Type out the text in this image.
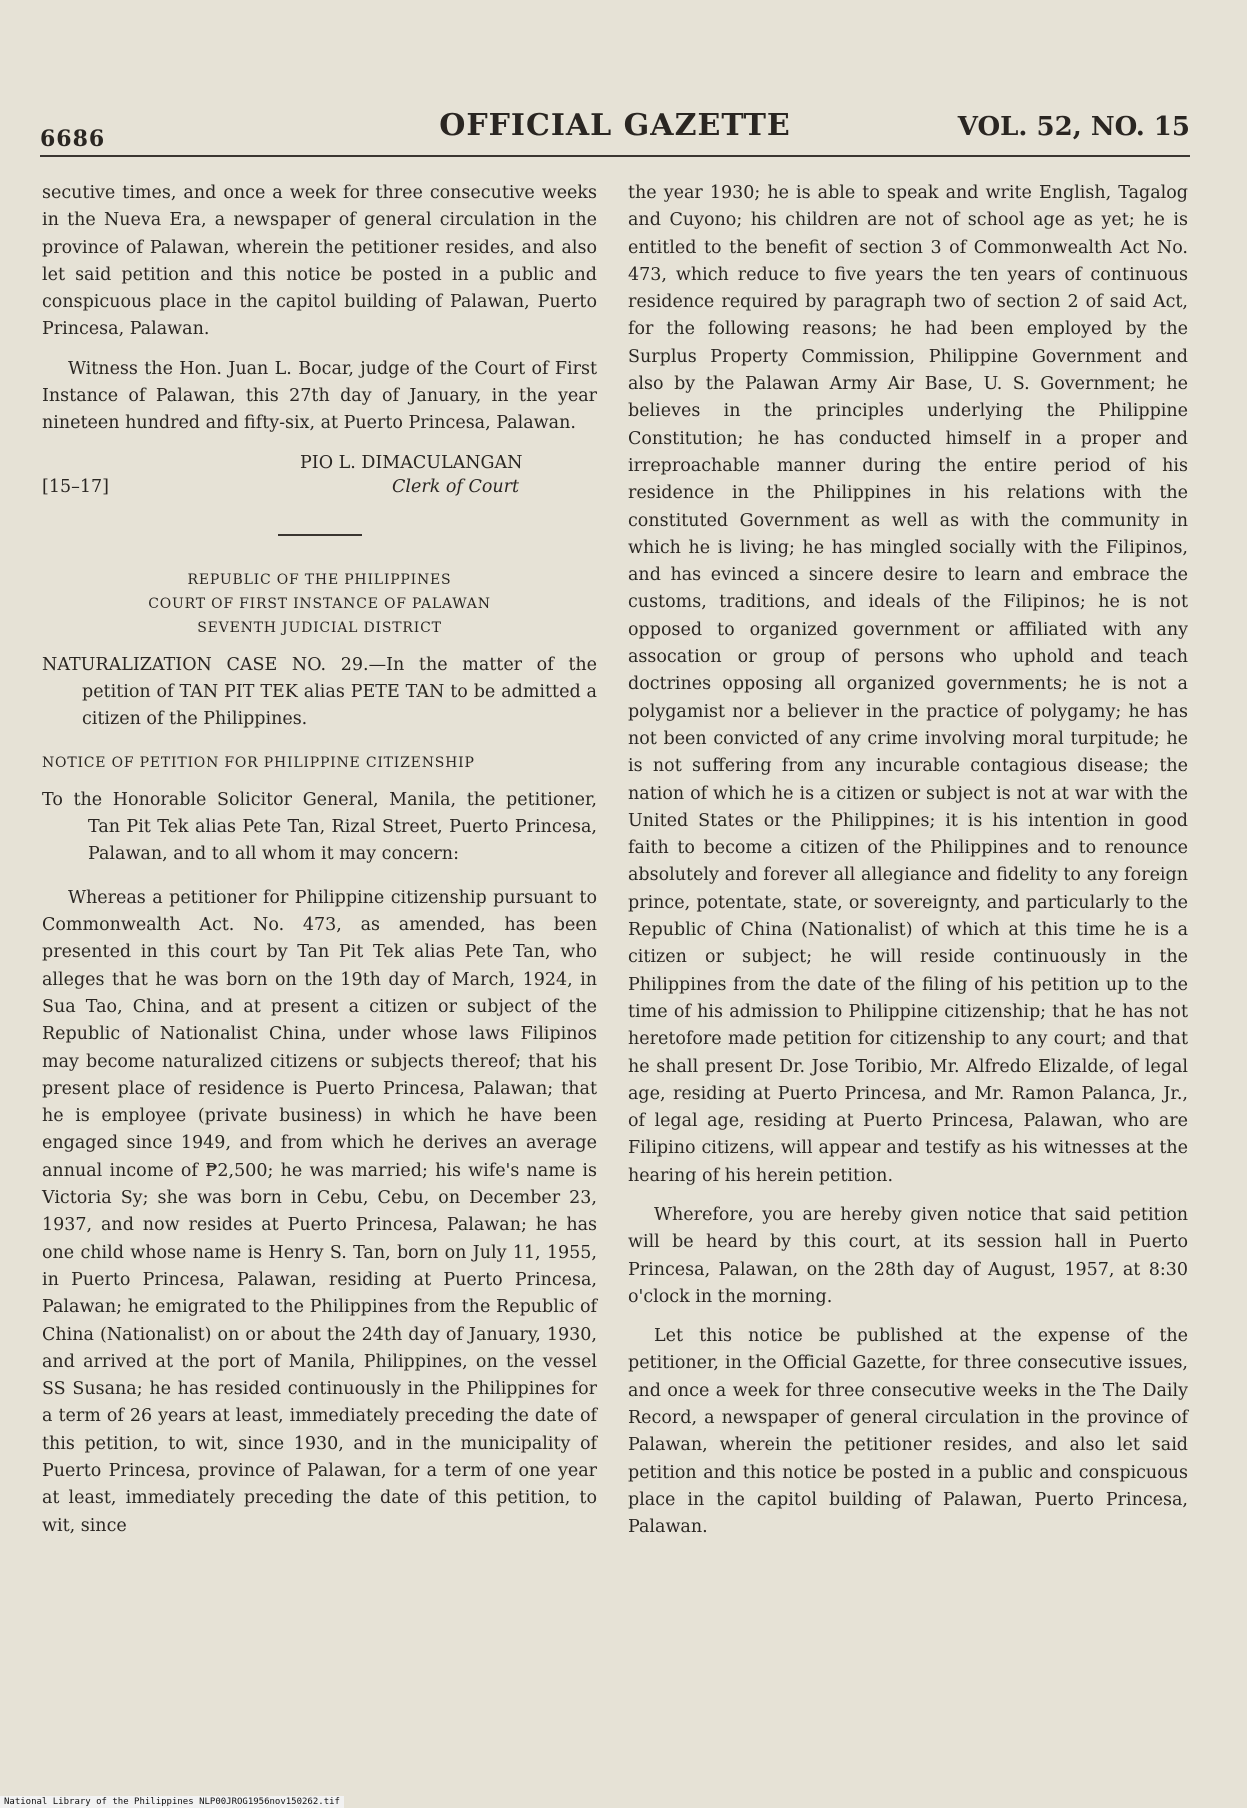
6686	OFFICIAL GAZETTE	VOL. 52, NO. 15

secutive times, and once a week for three consecutive weeks in the Nueva Era, a newspaper of general circulation in the province of Palawan, wherein the petitioner resides, and also let said petition and this notice be posted in a public and conspicuous place in the capitol building of Palawan, Puerto Princesa, Palawan.

Witness the Hon. Juan L. Bocar, judge of the Court of First Instance of Palawan, this 27th day of January, in the year nineteen hundred and fifty-six, at Puerto Princesa, Palawan.

PIO L. DIMACULANGAN
Clerk of Court
[15–17]
REPUBLIC OF THE PHILIPPINES
COURT OF FIRST INSTANCE OF PALAWAN
SEVENTH JUDICIAL DISTRICT

NATURALIZATION CASE NO. 29.—In the matter of the petition of TAN PIT TEK alias PETE TAN to be admitted a citizen of the Philippines.

NOTICE OF PETITION FOR PHILIPPINE CITIZENSHIP

To the Honorable Solicitor General, Manila, the petitioner, Tan Pit Tek alias Pete Tan, Rizal Street, Puerto Princesa, Palawan, and to all whom it may concern:

Whereas a petitioner for Philippine citizenship pursuant to Commonwealth Act. No. 473, as amended, has been presented in this court by Tan Pit Tek alias Pete Tan, who alleges that he was born on the 19th day of March, 1924, in Sua Tao, China, and at present a citizen or subject of the Republic of Nationalist China, under whose laws Filipinos may become naturalized citizens or subjects thereof; that his present place of residence is Puerto Princesa, Palawan; that he is employee (private business) in which he have been engaged since 1949, and from which he derives an average annual income of ₱2,500; he was married; his wife's name is Victoria Sy; she was born in Cebu, Cebu, on December 23, 1937, and now resides at Puerto Princesa, Palawan; he has one child whose name is Henry S. Tan, born on July 11, 1955, in Puerto Princesa, Palawan, residing at Puerto Princesa, Palawan; he emigrated to the Philippines from the Republic of China (Nationalist) on or about the 24th day of January, 1930, and arrived at the port of Manila, Philippines, on the vessel SS Susana; he has resided continuously in the Philippines for a term of 26 years at least, immediately preceding the date of this petition, to wit, since 1930, and in the municipality of Puerto Princesa, province of Palawan, for a term of one year at least, immediately preceding the date of this petition, to wit, since

the year 1930; he is able to speak and write English, Tagalog and Cuyono; his children are not of school age as yet; he is entitled to the benefit of section 3 of Commonwealth Act No. 473, which reduce to five years the ten years of continuous residence required by paragraph two of section 2 of said Act, for the following reasons; he had been employed by the Surplus Property Commission, Philippine Government and also by the Palawan Army Air Base, U. S. Government; he believes in the principles underlying the Philippine Constitution; he has conducted himself in a proper and irreproachable manner during the entire period of his residence in the Philippines in his relations with the constituted Government as well as with the community in which he is living; he has mingled socially with the Filipinos, and has evinced a sincere desire to learn and embrace the customs, traditions, and ideals of the Filipinos; he is not opposed to organized government or affiliated with any assocation or group of persons who uphold and teach doctrines opposing all organized governments; he is not a polygamist nor a believer in the practice of polygamy; he has not been convicted of any crime involving moral turpitude; he is not suffering from any incurable contagious disease; the nation of which he is a citizen or subject is not at war with the United States or the Philippines; it is his intention in good faith to become a citizen of the Philippines and to renounce absolutely and forever all allegiance and fidelity to any foreign prince, potentate, state, or sovereignty, and particularly to the Republic of China (Nationalist) of which at this time he is a citizen or subject; he will reside continuously in the Philippines from the date of the filing of his petition up to the time of his admission to Philippine citizenship; that he has not heretofore made petition for citizenship to any court; and that he shall present Dr. Jose Toribio, Mr. Alfredo Elizalde, of legal age, residing at Puerto Princesa, and Mr. Ramon Palanca, Jr., of legal age, residing at Puerto Princesa, Palawan, who are Filipino citizens, will appear and testify as his witnesses at the hearing of his herein petition.

Wherefore, you are hereby given notice that said petition will be heard by this court, at its session hall in Puerto Princesa, Palawan, on the 28th day of August, 1957, at 8:30 o'clock in the morning.

Let this notice be published at the expense of the petitioner, in the Official Gazette, for three consecutive issues, and once a week for three consecutive weeks in the The Daily Record, a newspaper of general circulation in the province of Palawan, wherein the petitioner resides, and also let said petition and this notice be posted in a public and conspicuous place in the capitol building of Palawan, Puerto Princesa, Palawan.

National Library of the Philippines NLP00JROG1956nov150262.tif
